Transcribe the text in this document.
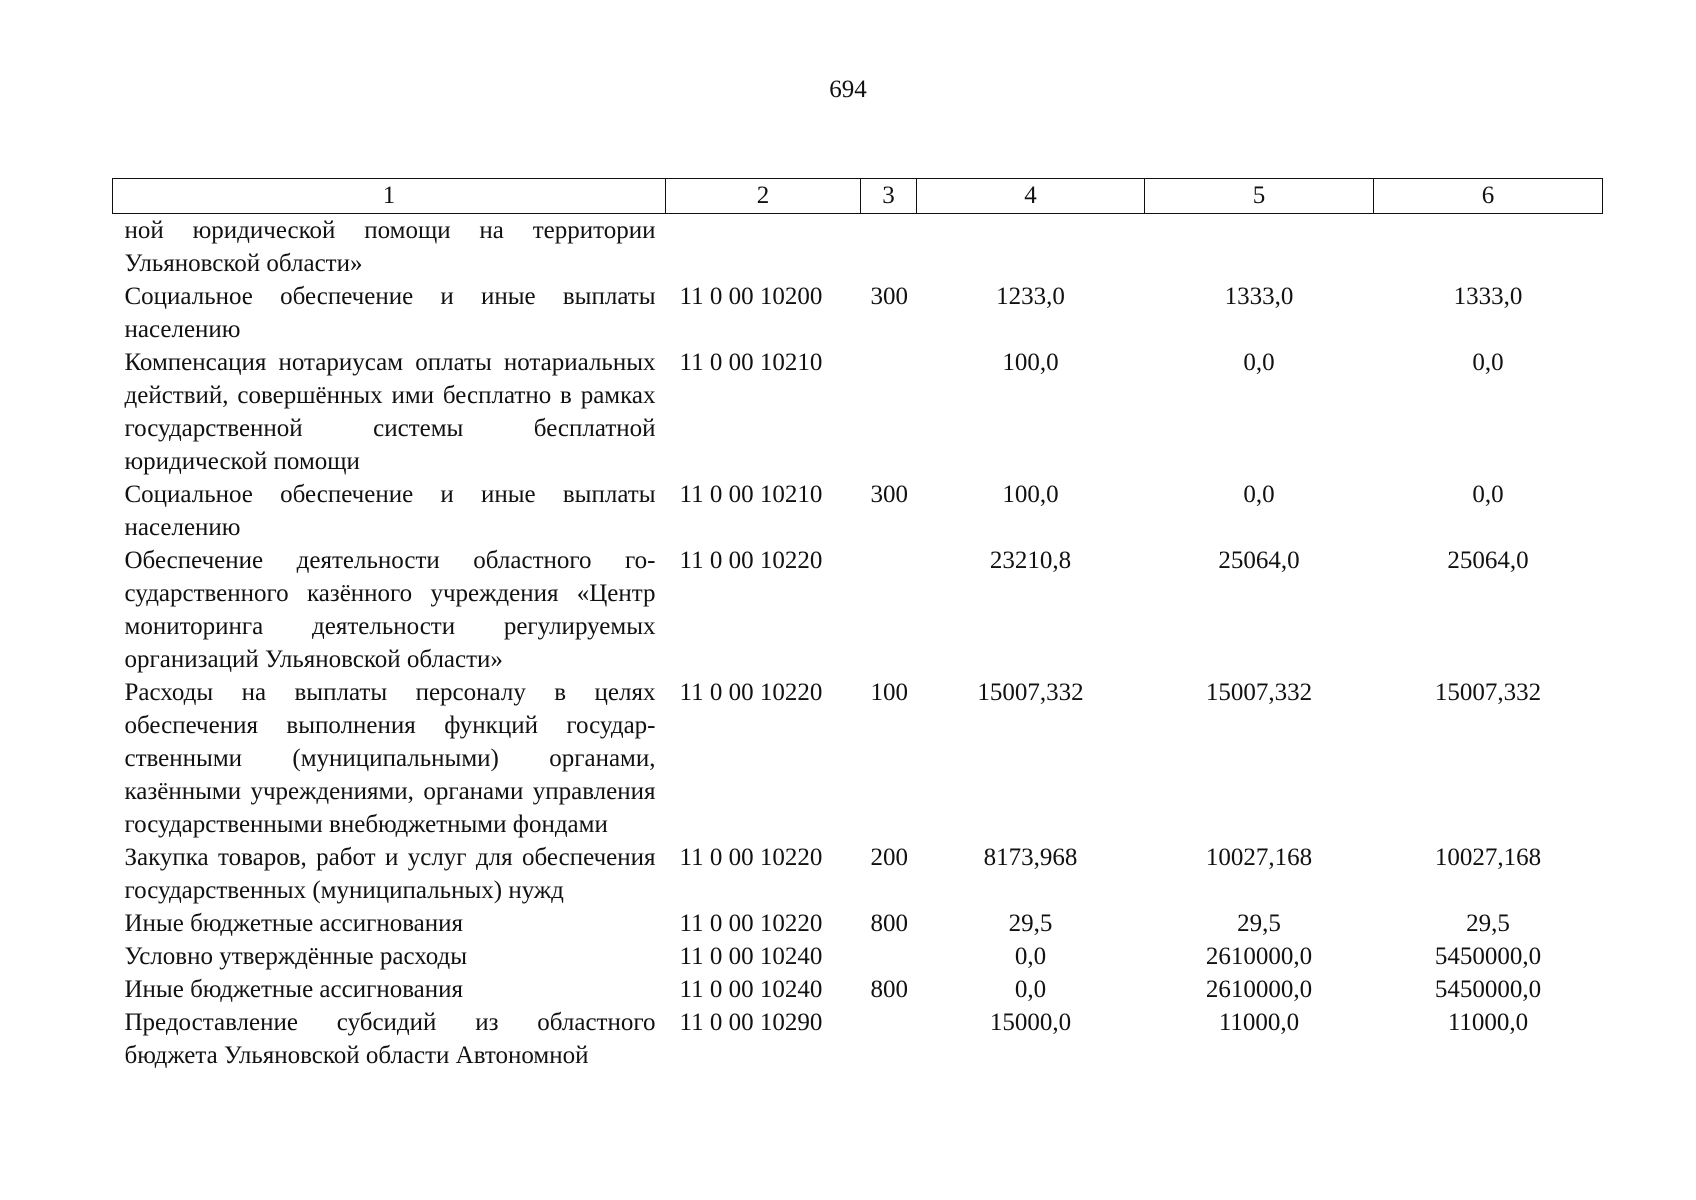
694
1	2	3	4	5	6
ной юридической помощи на территории Ульяновской области»					
Социальное обеспечение и иные выплаты населению	11 0 00 10200	300	1233,0	1333,0	1333,0
Компенсация нотариусам оплаты нотариальных действий, совершённых ими бесплатно в рамках государственной системы бесплатной юридической помощи	11 0 00 10210		100,0	0,0	0,0
Социальное обеспечение и иные выплаты населению	11 0 00 10210	300	100,0	0,0	0,0
Обеспечение деятельности областного государственного казённого учреждения «Центр мониторинга деятельности регулируемых организаций Ульяновской области»	11 0 00 10220		23210,8	25064,0	25064,0
Расходы на выплаты персоналу в целях обеспечения выполнения функций государственными (муниципальными) органами, казёнными учреждениями, органами управления государственными внебюджетными фондами	11 0 00 10220	100	15007,332	15007,332	15007,332
Закупка товаров, работ и услуг для обеспечения государственных (муниципальных) нужд	11 0 00 10220	200	8173,968	10027,168	10027,168
Иные бюджетные ассигнования	11 0 00 10220	800	29,5	29,5	29,5
Условно утверждённые расходы	11 0 00 10240		0,0	2610000,0	5450000,0
Иные бюджетные ассигнования	11 0 00 10240	800	0,0	2610000,0	5450000,0
Предоставление субсидий из областного бюджета Ульяновской области Автономной	11 0 00 10290		15000,0	11000,0	11000,0
